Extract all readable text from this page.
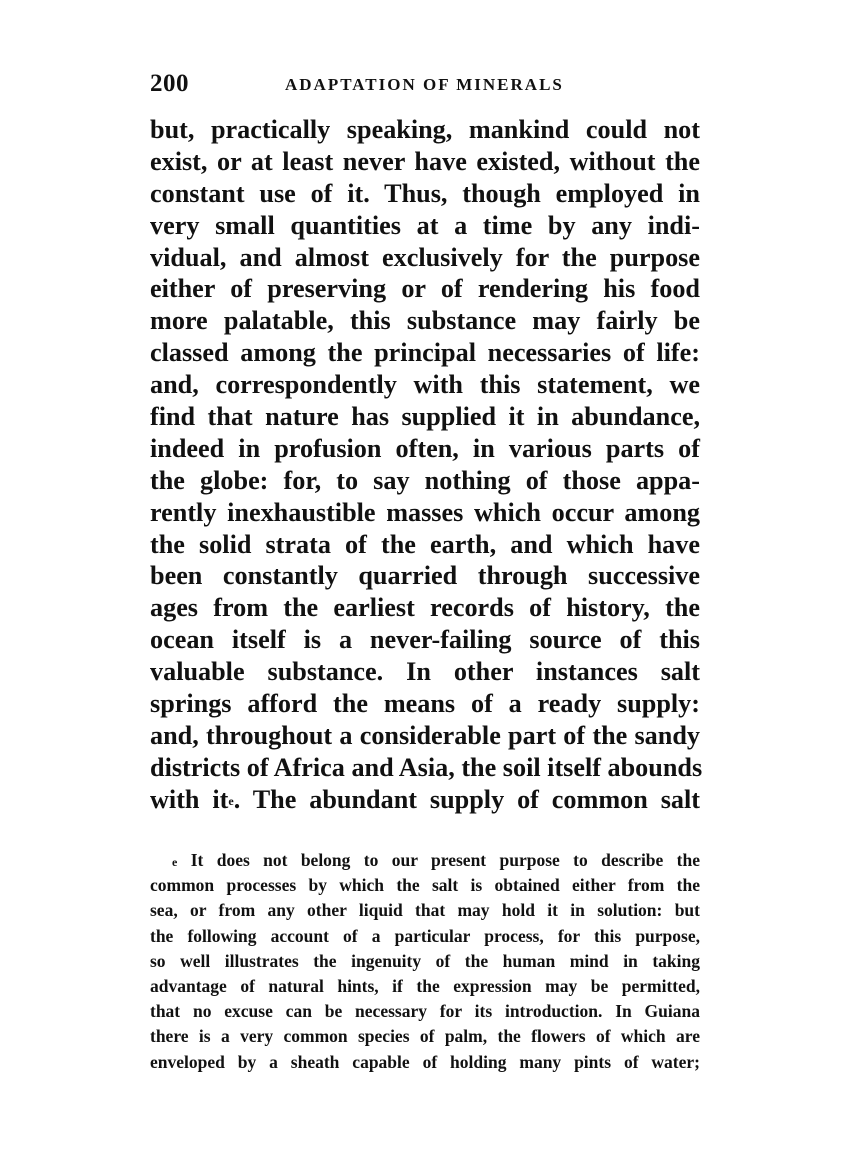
200	ADAPTATION OF MINERALS
but, practically speaking, mankind could not
exist, or at least never have existed, without the
constant use of it. Thus, though employed in
very small quantities at a time by any indi-
vidual, and almost exclusively for the purpose
either of preserving or of rendering his food
more palatable, this substance may fairly be
classed among the principal necessaries of life:
and, correspondently with this statement, we
find that nature has supplied it in abundance,
indeed in profusion often, in various parts of
the globe: for, to say nothing of those appa-
rently inexhaustible masses which occur among
the solid strata of the earth, and which have
been constantly quarried through successive
ages from the earliest records of history, the
ocean itself is a never-failing source of this
valuable substance. In other instances salt
springs afford the means of a ready supply:
and, throughout a considerable part of the sandy
districts of Africa and Asia, the soil itself abounds
with it$^e$. The abundant supply of common salt
$^e$ It does not belong to our present purpose to describe the
common processes by which the salt is obtained either from the
sea, or from any other liquid that may hold it in solution: but
the following account of a particular process, for this purpose,
so well illustrates the ingenuity of the human mind in taking
advantage of natural hints, if the expression may be permitted,
that no excuse can be necessary for its introduction. In Guiana
there is a very common species of palm, the flowers of which are
enveloped by a sheath capable of holding many pints of water;
